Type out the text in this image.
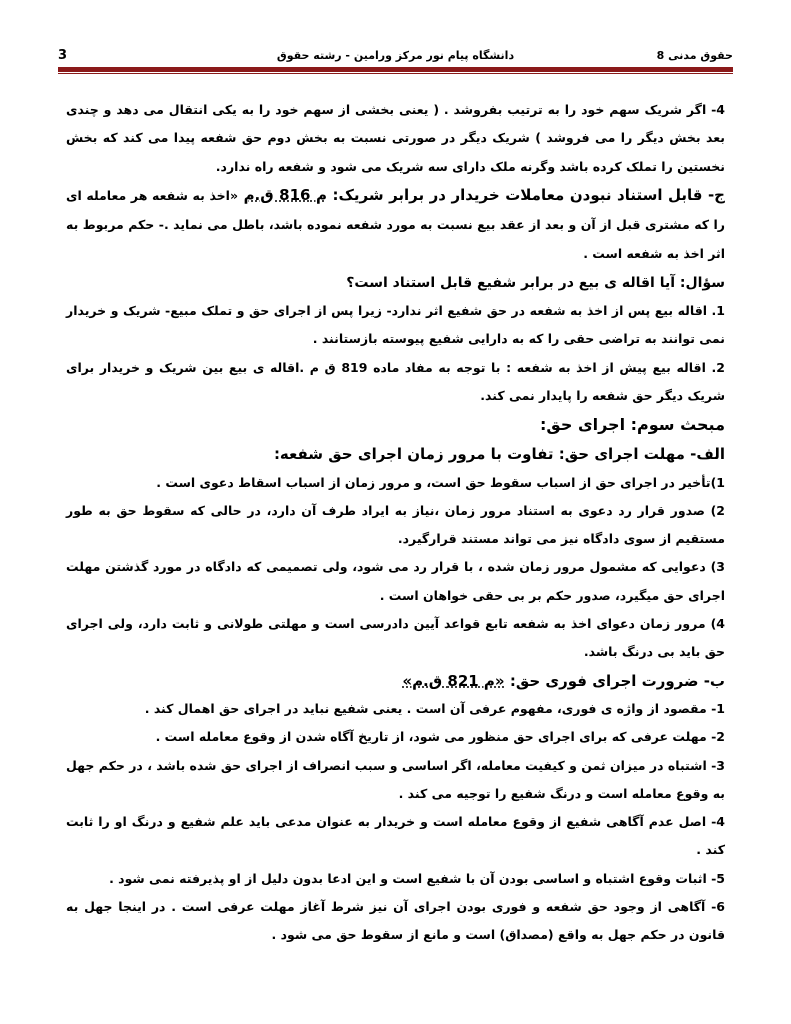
3	دانشگاه پیام نور مرکز ورامین - رشته حقوق	حقوق مدنی 8

4- اگر شریک سهم خود را به ترتیب بفروشد . ( یعنی بخشی از سهم خود را به یکی انتقال می دهد و چندی بعد بخش دیگر را می فروشد ) شریک دیگر در صورتی نسبت به بخش دوم حق شفعه پیدا می کند که بخش نخستین را تملک کرده باشد وگرنه ملک دارای سه شریک می شود و شفعه راه ندارد.

ج- قابل استناد نبودن معاملات خریدار در برابر شریک: م 816 ق.م «اخذ به شفعه هر معامله ای را که مشتری قبل از آن و بعد از عقد بیع نسبت به مورد شفعه نموده باشد، باطل می نماید .- حکم مربوط به اثر اخذ به شفعه است .

سؤال: آیا اقاله ی بیع در برابر شفیع قابل استناد است؟

1. اقاله بیع پس از اخذ به شفعه در حق شفیع اثر ندارد- زیرا پس از اجرای حق و تملک مبیع- شریک و خریدار نمی توانند به تراضی حقی را که به دارایی شفیع پیوسته بازستانند .

2. اقاله بیع پیش از اخذ به شفعه : با توجه به مفاد ماده 819 ق م .اقاله ی بیع بین شریک و خریدار برای شریک دیگر حق شفعه را پایدار نمی کند.

مبحث سوم: اجرای حق:

الف- مهلت اجرای حق: تفاوت با مرور زمان اجرای حق شفعه:

1)تأخیر در اجرای حق از اسباب سقوط حق است، و مرور زمان از اسباب اسقاط دعوی است .

2) صدور قرار رد دعوی به استناد مرور زمان ،نیاز به ایراد طرف آن دارد، در حالی که سقوط حق به طور مستقیم از سوی دادگاه نیز می تواند مستند قرارگیرد.

3) دعوایی که مشمول مرور زمان شده ، با قرار رد می شود، ولی تصمیمی که دادگاه در مورد گذشتن مهلت اجرای حق میگیرد، صدور حکم بر بی حقی خواهان است .

4) مرور زمان دعوای اخذ به شفعه تابع قواعد آیین دادرسی است و مهلتی طولانی و ثابت دارد، ولی اجرای حق باید بی درنگ باشد.

ب- ضرورت اجرای فوری حق: «م 821 ق.م»

1- مقصود از واژه ی فوری، مفهوم عرفی آن است . یعنی شفیع نباید در اجرای حق اهمال کند .

2- مهلت عرفی که برای اجرای حق منظور می شود، از تاریخ آگاه شدن از وقوع معامله است .

3- اشتباه در میزان ثمن و کیفیت معامله، اگر اساسی و سبب انصراف از اجرای حق شده باشد ، در حکم جهل به وقوع معامله است و درنگ شفیع را توجیه می کند .

4- اصل عدم آگاهی شفیع از وقوع معامله است و خریدار به عنوان مدعی باید علم شفیع و درنگ او را ثابت کند .

5- اثبات وقوع اشتباه و اساسی بودن آن با شفیع است و این ادعا بدون دلیل از او پذیرفته نمی شود .

6- آگاهی از وجود حق شفعه و فوری بودن اجرای آن نیز شرط آغاز مهلت عرفی است . در اینجا جهل به قانون در حکم جهل به واقع (مصداق) است و مانع از سقوط حق می شود .
